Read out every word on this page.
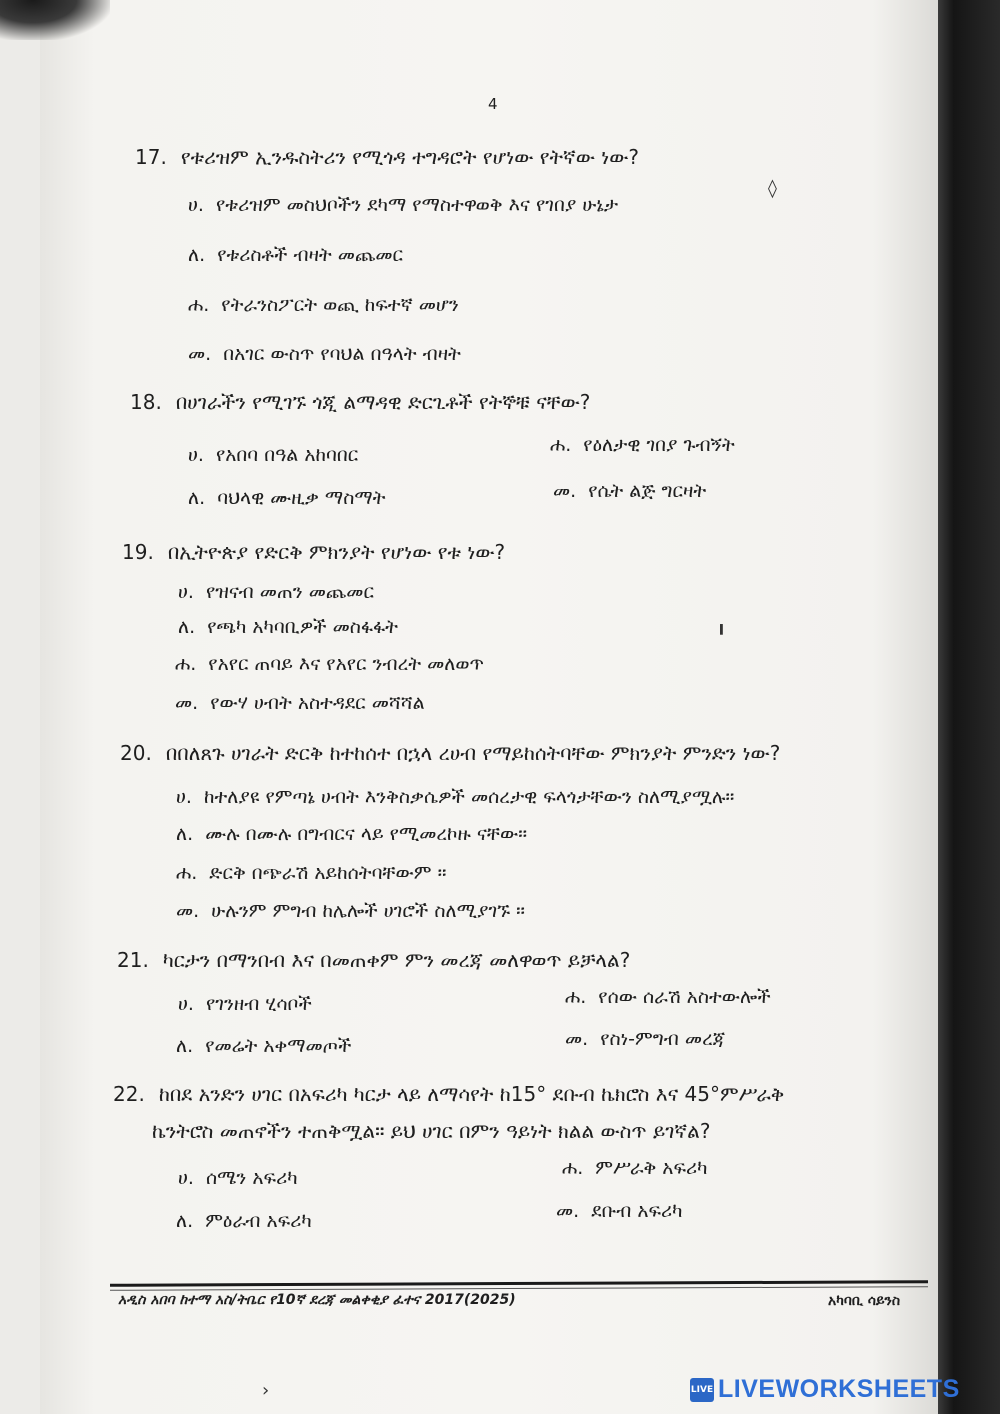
4
17. የቱሪዝም ኢንዱስትሪን የሚጎዳ ተግዳሮት የሆነው የትኛው ነው?
ሀ. የቱሪዝም መስህቦችን ደካማ የማስተዋወቅ እና የገበያ ሁኔታ
ለ. የቱሪስቶች ብዛት መጨመር
ሐ. የትራንስፖርት ወጪ ከፍተኛ መሆን
መ. በአገር ውስጥ የባህል በዓላት ብዛት
18. በሀገራችን የሚገኙ ጎጂ ልማዳዊ ድርጊቶች የትኞቹ ናቸው?
ሀ. የአበባ በዓል አከባበር	ሐ. የዕለታዊ ገበያ ጉብኝት
ለ. ባህላዊ ሙዚቃ ማስማት	መ. የሴት ልጅ ግርዛት
19. በኢትዮጵያ የድርቅ ምክንያት የሆነው የቱ ነው?
ሀ. የዝናብ መጠን መጨመር
ለ. የጫካ አካባቢዎች መስፋፋት
ሐ. የአየር ጠባይ እና የአየር ንብረት መለወጥ
መ. የውሃ ሀብት አስተዳደር መሻሻል
20. በበለጸጉ ሀገራት ድርቅ ከተከሰተ በኋላ ረሀብ የማይከሰትባቸው ምክንያት ምንድን ነው?
ሀ. ከተለያዩ የምጣኔ ሀብት እንቅስቃሴዎች መሰረታዊ ፍላጎታቸውን ስለሚያሟሉ።
ለ. ሙሉ በሙሉ በግብርና ላይ የሚመረኮዙ ናቸው።
ሐ. ድርቅ በጭራሽ አይከሰትባቸውም ።
መ. ሁሉንም ምግብ ከሌሎች ሀገሮች ስለሚያገኙ ።
21. ካርታን በማንበብ እና በመጠቀም ምን መረጃ መለዋወጥ ይቻላል?
ሀ. የገንዘብ ሂሳቦች	ሐ. የሰው ሰራሽ አስተውሎች
ለ. የመሬት አቀማመጦች	መ. የስነ-ምግብ መረጃ
22. ከበደ አንድን ሀገር በአፍሪካ ካርታ ላይ ለማሳየት ከ15° ደቡብ ኬክሮስ እና 45°ምሥራቅ
ኬንትሮስ መጠኖችን ተጠቅሟል። ይህ ሀገር በምን ዓይነት ክልል ውስጥ ይገኛል?
ሀ. ሰሜን አፍሪካ	ሐ. ምሥራቅ አፍሪካ
ለ. ምዕራብ አፍሪካ	መ. ደቡብ አፍሪካ
◊
╹
›
አዲስ አበባ ከተማ አስ/ትቤር የ10ኛ ደረጃ መልቀቂያ ፈተና 2017(2025)	አካባቢ ሳይንስ
LIVE LIVEWORKSHEETS
